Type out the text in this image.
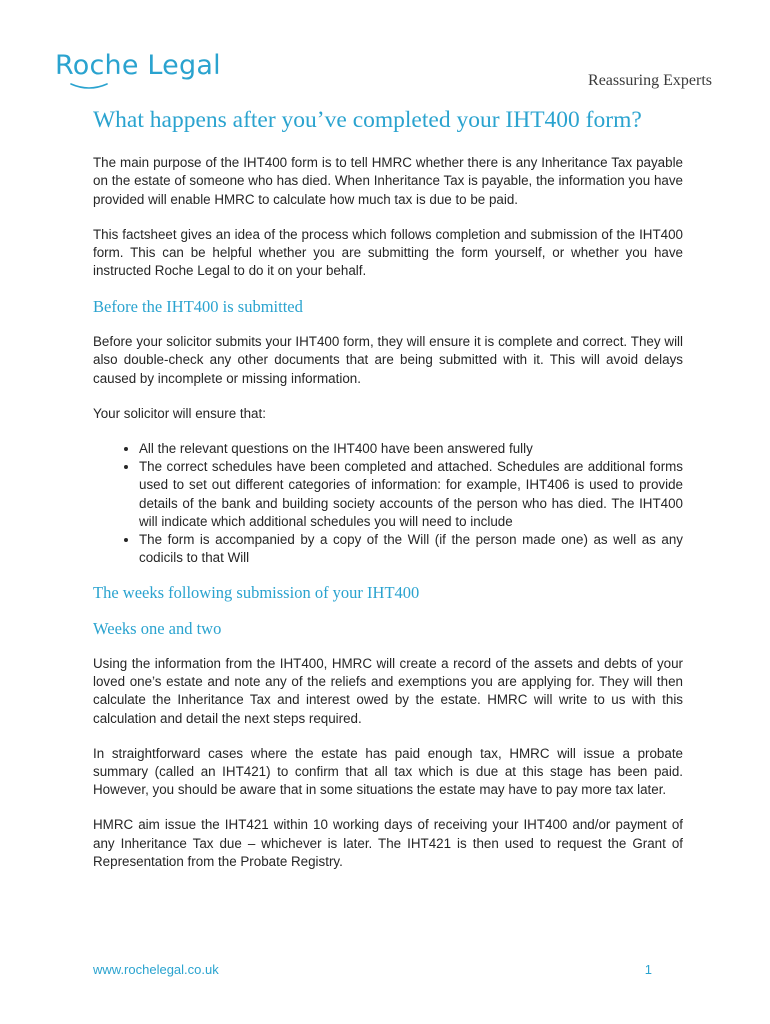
Roche Legal	Reassuring Experts
What happens after you’ve completed your IHT400 form?

The main purpose of the IHT400 form is to tell HMRC whether there is any Inheritance Tax payable on the estate of someone who has died. When Inheritance Tax is payable, the information you have provided will enable HMRC to calculate how much tax is due to be paid.

This factsheet gives an idea of the process which follows completion and submission of the IHT400 form. This can be helpful whether you are submitting the form yourself, or whether you have instructed Roche Legal to do it on your behalf.

Before the IHT400 is submitted

Before your solicitor submits your IHT400 form, they will ensure it is complete and correct. They will also double-check any other documents that are being submitted with it. This will avoid delays caused by incomplete or missing information.

Your solicitor will ensure that:

• All the relevant questions on the IHT400 have been answered fully
• The correct schedules have been completed and attached. Schedules are additional forms used to set out different categories of information: for example, IHT406 is used to provide details of the bank and building society accounts of the person who has died. The IHT400 will indicate which additional schedules you will need to include
• The form is accompanied by a copy of the Will (if the person made one) as well as any codicils to that Will
The weeks following submission of your IHT400
Weeks one and two

Using the information from the IHT400, HMRC will create a record of the assets and debts of your loved one’s estate and note any of the reliefs and exemptions you are applying for. They will then calculate the Inheritance Tax and interest owed by the estate. HMRC will write to us with this calculation and detail the next steps required.

In straightforward cases where the estate has paid enough tax, HMRC will issue a probate summary (called an IHT421) to confirm that all tax which is due at this stage has been paid. However, you should be aware that in some situations the estate may have to pay more tax later.

HMRC aim issue the IHT421 within 10 working days of receiving your IHT400 and/or payment of any Inheritance Tax due – whichever is later. The IHT421 is then used to request the Grant of Representation from the Probate Registry.

www.rochelegal.co.uk	1
